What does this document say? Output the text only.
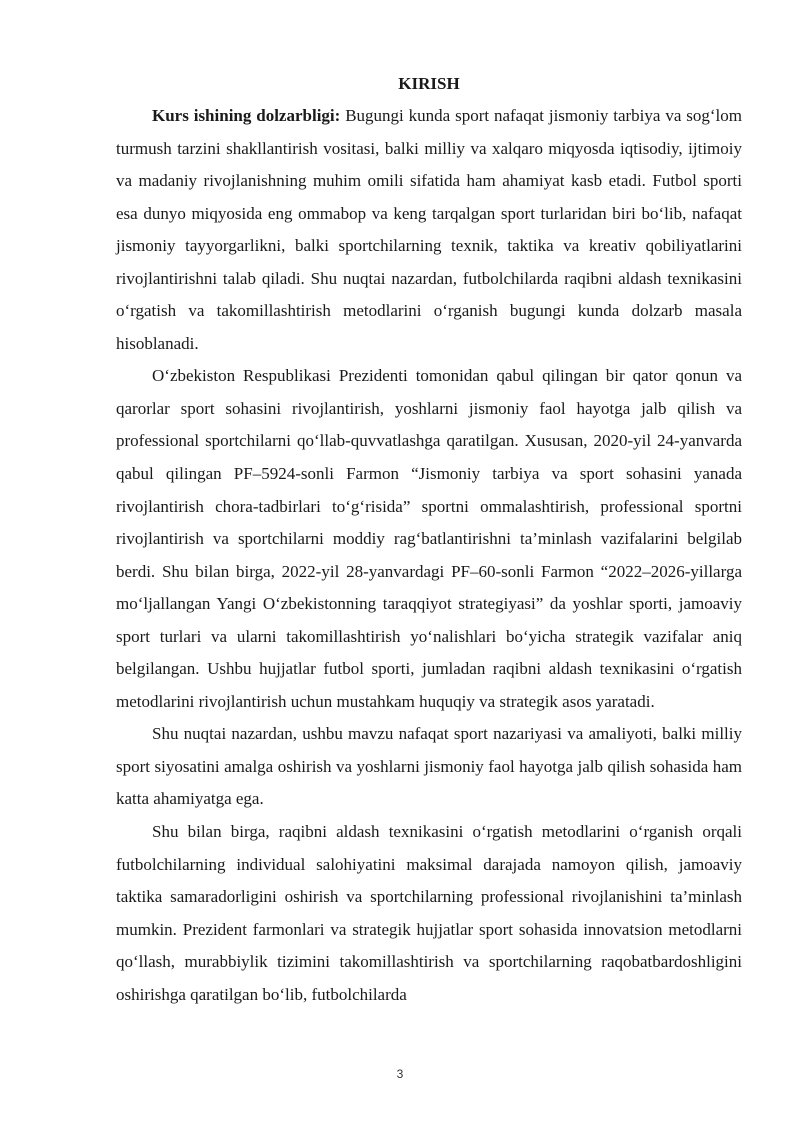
KIRISH

Kurs ishining dolzarbligi: Bugungi kunda sport nafaqat jismoniy tarbiya va sog‘lom turmush tarzini shakllantirish vositasi, balki milliy va xalqaro miqyosda iqtisodiy, ijtimoiy va madaniy rivojlanishning muhim omili sifatida ham ahamiyat kasb etadi. Futbol sporti esa dunyo miqyosida eng ommabop va keng tarqalgan sport turlaridan biri bo‘lib, nafaqat jismoniy tayyorgarlikni, balki sportchilarning texnik, taktika va kreativ qobiliyatlarini rivojlantirishni talab qiladi. Shu nuqtai nazardan, futbolchilarda raqibni aldash texnikasini o‘rgatish va takomillashtirish metodlarini o‘rganish bugungi kunda dolzarb masala hisoblanadi.

O‘zbekiston Respublikasi Prezidenti tomonidan qabul qilingan bir qator qonun va qarorlar sport sohasini rivojlantirish, yoshlarni jismoniy faol hayotga jalb qilish va professional sportchilarni qo‘llab-quvvatlashga qaratilgan. Xususan, 2020-yil 24-yanvarda qabul qilingan PF–5924-sonli Farmon “Jismoniy tarbiya va sport sohasini yanada rivojlantirish chora-tadbirlari to‘g‘risida” sportni ommalashtirish, professional sportni rivojlantirish va sportchilarni moddiy rag‘batlantirishni ta’minlash vazifalarini belgilab berdi. Shu bilan birga, 2022-yil 28-yanvardagi PF–60-sonli Farmon “2022–2026-yillarga mo‘ljallangan Yangi O‘zbekistonning taraqqiyot strategiyasi” da yoshlar sporti, jamoaviy sport turlari va ularni takomillashtirish yo‘nalishlari bo‘yicha strategik vazifalar aniq belgilangan. Ushbu hujjatlar futbol sporti, jumladan raqibni aldash texnikasini o‘rgatish metodlarini rivojlantirish uchun mustahkam huquqiy va strategik asos yaratadi.

Shu nuqtai nazardan, ushbu mavzu nafaqat sport nazariyasi va amaliyoti, balki milliy sport siyosatini amalga oshirish va yoshlarni jismoniy faol hayotga jalb qilish sohasida ham katta ahamiyatga ega.

Shu bilan birga, raqibni aldash texnikasini o‘rgatish metodlarini o‘rganish orqali futbolchilarning individual salohiyatini maksimal darajada namoyon qilish, jamoaviy taktika samaradorligini oshirish va sportchilarning professional rivojlanishini ta’minlash mumkin. Prezident farmonlari va strategik hujjatlar sport sohasida innovatsion metodlarni qo‘llash, murabbiylik tizimini takomillashtirish va sportchilarning raqobatbardoshligini oshirishga qaratilgan bo‘lib, futbolchilarda

3
